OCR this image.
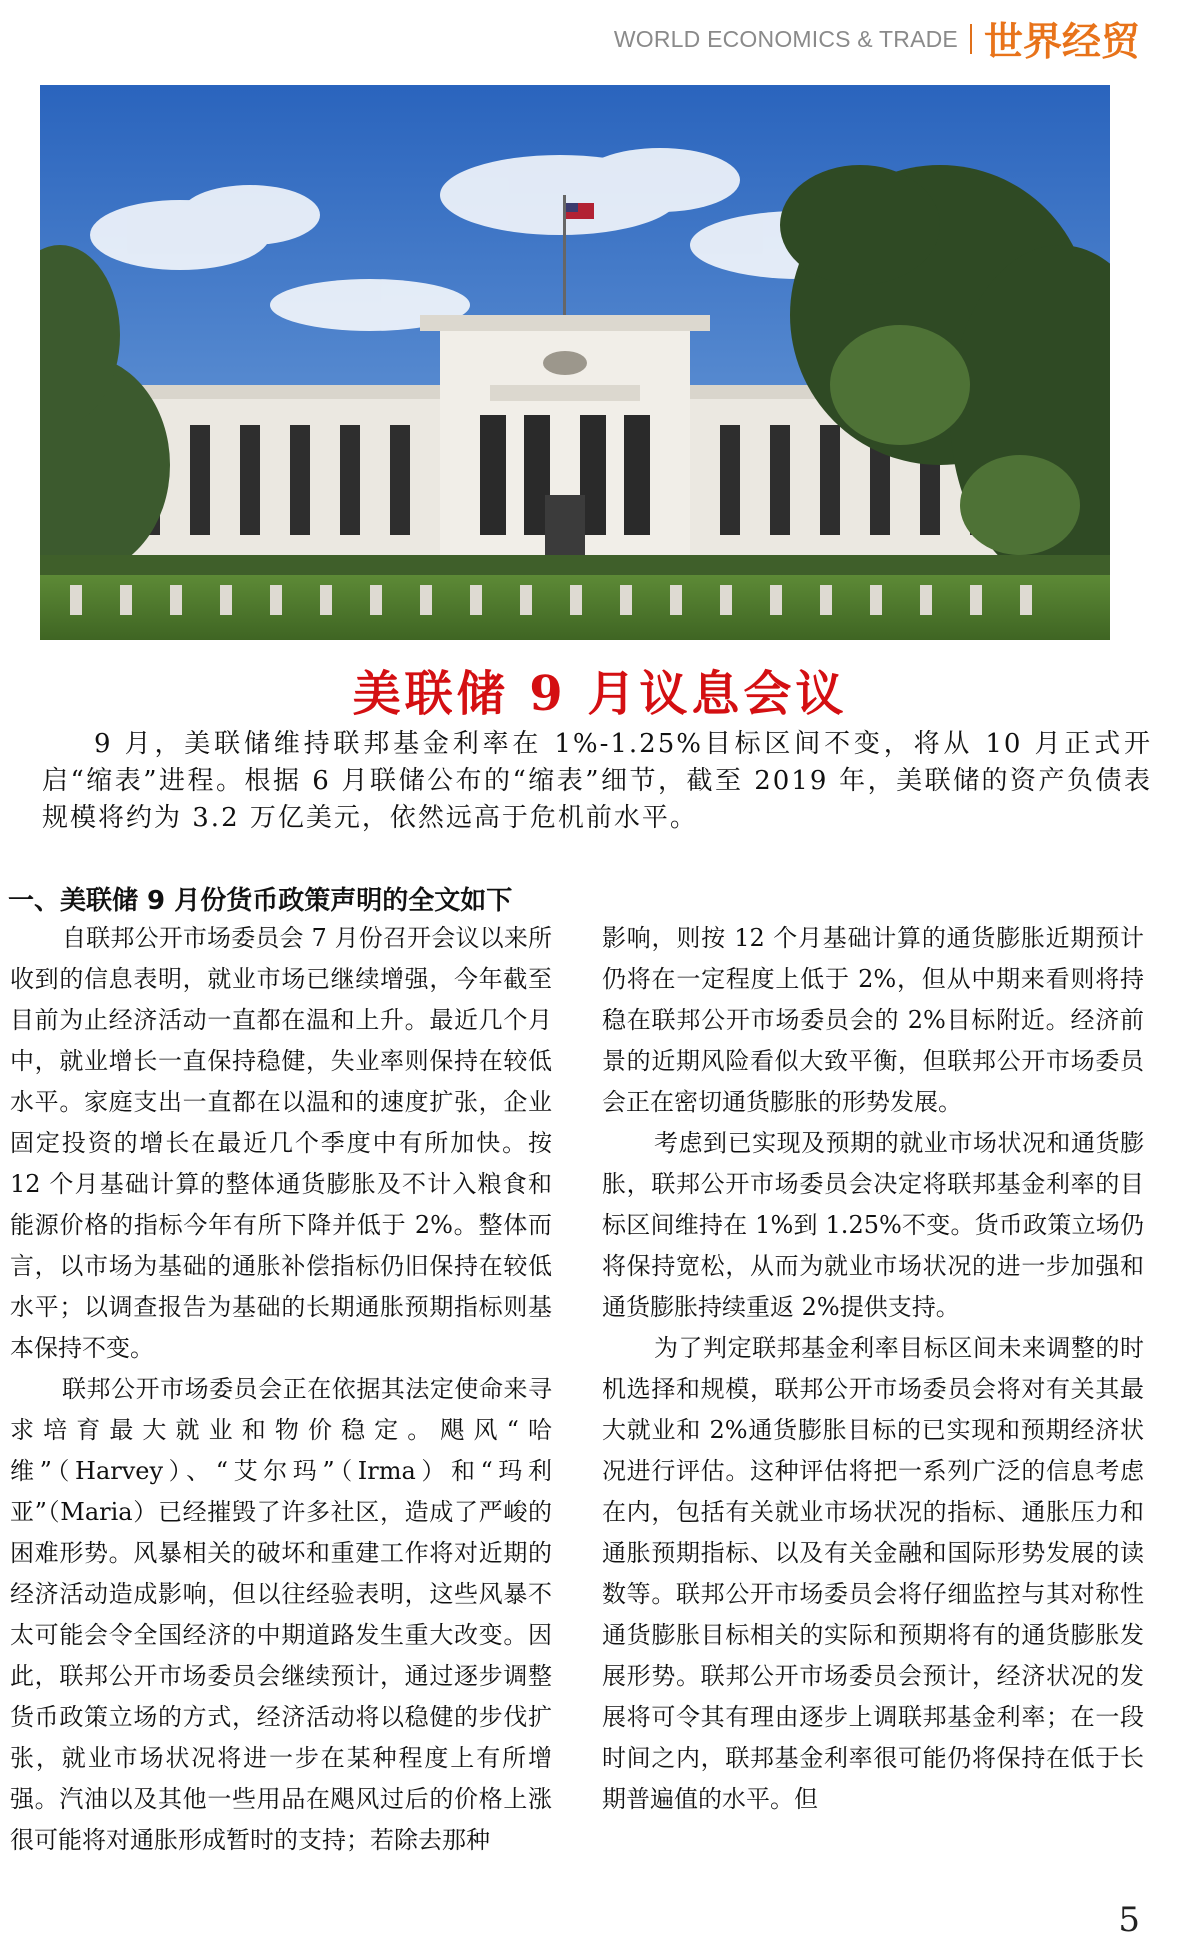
WORLD ECONOMICS & TRADE 世界经贸
美联储 9 月议息会议

9 月，美联储维持联邦基金利率在 1%-1.25%目标区间不变，将从 10 月正式开启“缩表”进程。根据 6 月联储公布的“缩表”细节，截至 2019 年，美联储的资产负债表规模将约为 3.2 万亿美元，依然远高于危机前水平。

一、美联储 9 月份货币政策声明的全文如下

自联邦公开市场委员会 7 月份召开会议以来所收到的信息表明，就业市场已继续增强，今年截至目前为止经济活动一直都在温和上升。最近几个月中，就业增长一直保持稳健，失业率则保持在较低水平。家庭支出一直都在以温和的速度扩张，企业固定投资的增长在最近几个季度中有所加快。按 12 个月基础计算的整体通货膨胀及不计入粮食和能源价格的指标今年有所下降并低于 2%。整体而言，以市场为基础的通胀补偿指标仍旧保持在较低水平；以调查报告为基础的长期通胀预期指标则基本保持不变。

联邦公开市场委员会正在依据其法定使命来寻求培育最大就业和物价稳定。飓风“哈维”（Harvey）、“艾尔玛”（Irma）和“玛利亚”（Maria）已经摧毁了许多社区，造成了严峻的困难形势。风暴相关的破坏和重建工作将对近期的经济活动造成影响，但以往经验表明，这些风暴不太可能会令全国经济的中期道路发生重大改变。因此，联邦公开市场委员会继续预计，通过逐步调整货币政策立场的方式，经济活动将以稳健的步伐扩张，就业市场状况将进一步在某种程度上有所增强。汽油以及其他一些用品在飓风过后的价格上涨很可能将对通胀形成暂时的支持；若除去那种

影响，则按 12 个月基础计算的通货膨胀近期预计仍将在一定程度上低于 2%，但从中期来看则将持稳在联邦公开市场委员会的 2%目标附近。经济前景的近期风险看似大致平衡，但联邦公开市场委员会正在密切通货膨胀的形势发展。

考虑到已实现及预期的就业市场状况和通货膨胀，联邦公开市场委员会决定将联邦基金利率的目标区间维持在 1%到 1.25%不变。货币政策立场仍将保持宽松，从而为就业市场状况的进一步加强和通货膨胀持续重返 2%提供支持。

为了判定联邦基金利率目标区间未来调整的时机选择和规模，联邦公开市场委员会将对有关其最大就业和 2%通货膨胀目标的已实现和预期经济状况进行评估。这种评估将把一系列广泛的信息考虑在内，包括有关就业市场状况的指标、通胀压力和通胀预期指标、以及有关金融和国际形势发展的读数等。联邦公开市场委员会将仔细监控与其对称性通货膨胀目标相关的实际和预期将有的通货膨胀发展形势。联邦公开市场委员会预计，经济状况的发展将可令其有理由逐步上调联邦基金利率；在一段时间之内，联邦基金利率很可能仍将保持在低于长期普遍值的水平。但

5
